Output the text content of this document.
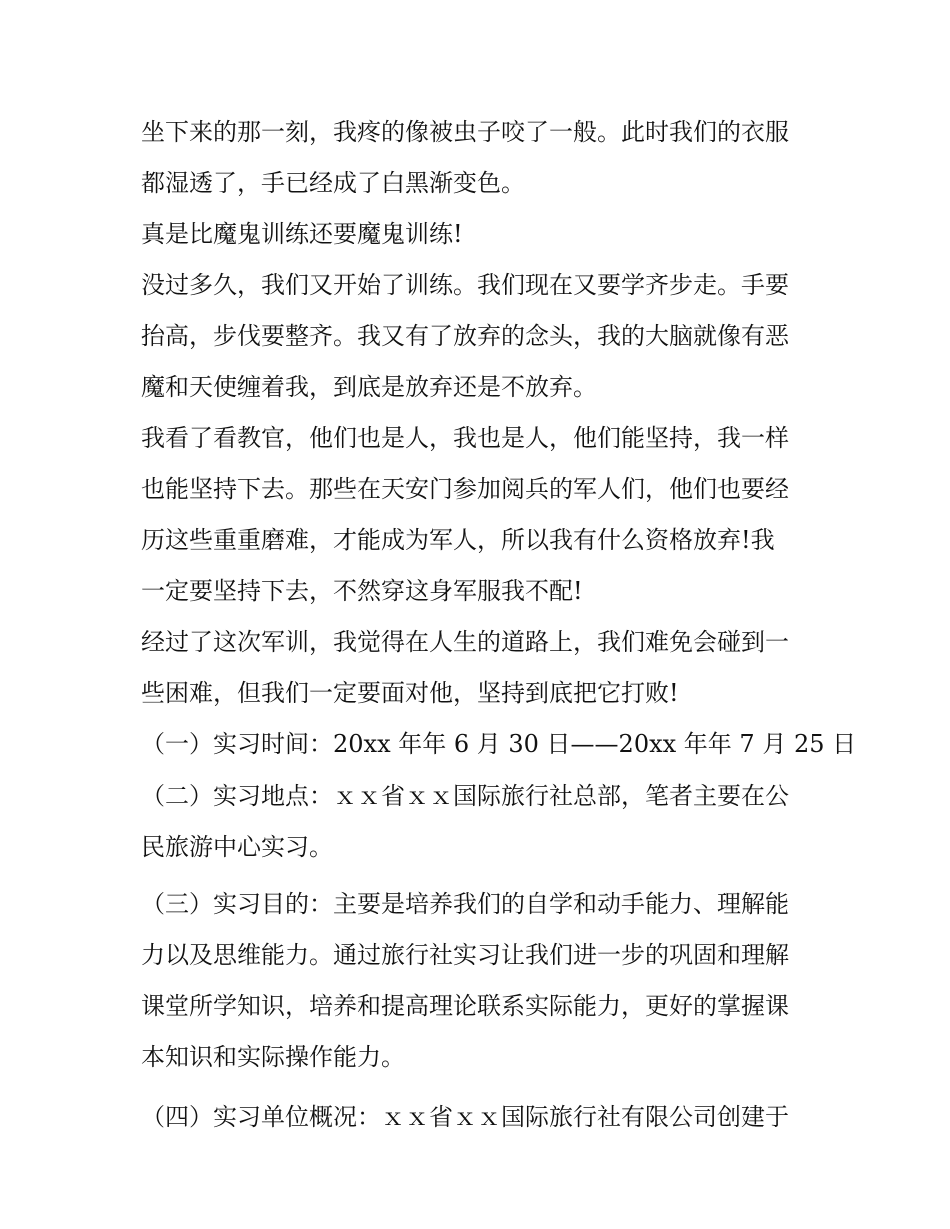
坐下来的那一刻，我疼的像被虫子咬了一般。此时我们的衣服

都湿透了，手已经成了白黑渐变色。

真是比魔鬼训练还要魔鬼训练!

没过多久，我们又开始了训练。我们现在又要学齐步走。手要

抬高，步伐要整齐。我又有了放弃的念头，我的大脑就像有恶

魔和天使缠着我，到底是放弃还是不放弃。

我看了看教官，他们也是人，我也是人，他们能坚持，我一样

也能坚持下去。那些在天安门参加阅兵的军人们，他们也要经

历这些重重磨难，才能成为军人，所以我有什么资格放弃!我

一定要坚持下去，不然穿这身军服我不配!

经过了这次军训，我觉得在人生的道路上，我们难免会碰到一

些困难，但我们一定要面对他，坚持到底把它打败!

（一）实习时间：20xx 年年 6 月 30 日——20xx 年年 7 月 25 日

（二）实习地点：ｘｘ省ｘｘ国际旅行社总部，笔者主要在公

民旅游中心实习。

（三）实习目的：主要是培养我们的自学和动手能力、理解能

力以及思维能力。通过旅行社实习让我们进一步的巩固和理解

课堂所学知识，培养和提高理论联系实际能力，更好的掌握课

本知识和实际操作能力。

（四）实习单位概况：ｘｘ省ｘｘ国际旅行社有限公司创建于
